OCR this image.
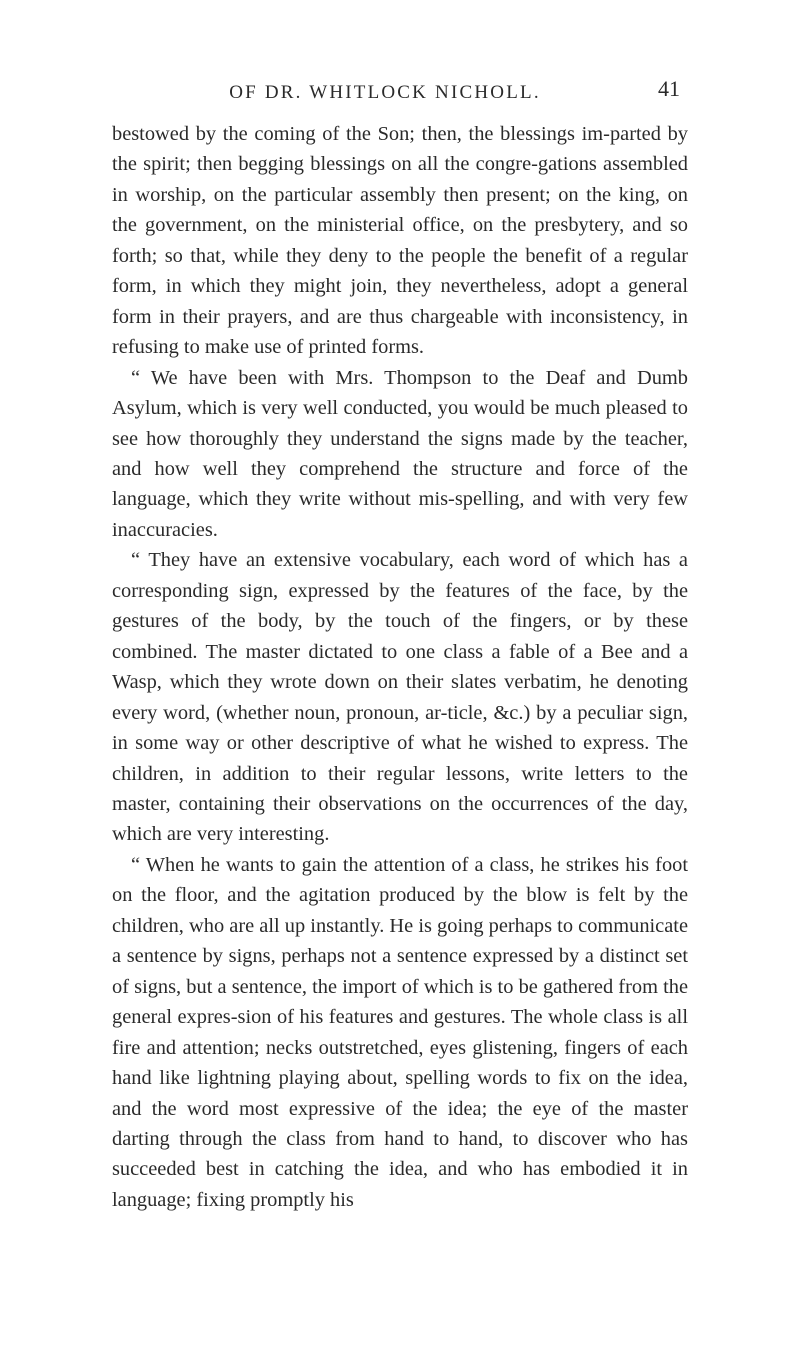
OF DR. WHITLOCK NICHOLL.	41

bestowed by the coming of the Son; then, the blessings im-parted by the spirit; then begging blessings on all the congre-gations assembled in worship, on the particular assembly then present; on the king, on the government, on the ministerial office, on the presbytery, and so forth; so that, while they deny to the people the benefit of a regular form, in which they might join, they nevertheless, adopt a general form in their prayers, and are thus chargeable with inconsistency, in refusing to make use of printed forms.

“ We have been with Mrs. Thompson to the Deaf and Dumb Asylum, which is very well conducted, you would be much pleased to see how thoroughly they understand the signs made by the teacher, and how well they comprehend the structure and force of the language, which they write without mis-spelling, and with very few inaccuracies.

“ They have an extensive vocabulary, each word of which has a corresponding sign, expressed by the features of the face, by the gestures of the body, by the touch of the fingers, or by these combined. The master dictated to one class a fable of a Bee and a Wasp, which they wrote down on their slates verbatim, he denoting every word, (whether noun, pronoun, ar-ticle, &c.) by a peculiar sign, in some way or other descriptive of what he wished to express. The children, in addition to their regular lessons, write letters to the master, containing their observations on the occurrences of the day, which are very interesting.

“ When he wants to gain the attention of a class, he strikes his foot on the floor, and the agitation produced by the blow is felt by the children, who are all up instantly. He is going perhaps to communicate a sentence by signs, perhaps not a sentence expressed by a distinct set of signs, but a sentence, the import of which is to be gathered from the general expres-sion of his features and gestures. The whole class is all fire and attention; necks outstretched, eyes glistening, fingers of each hand like lightning playing about, spelling words to fix on the idea, and the word most expressive of the idea; the eye of the master darting through the class from hand to hand, to discover who has succeeded best in catching the idea, and who has embodied it in language; fixing promptly his
